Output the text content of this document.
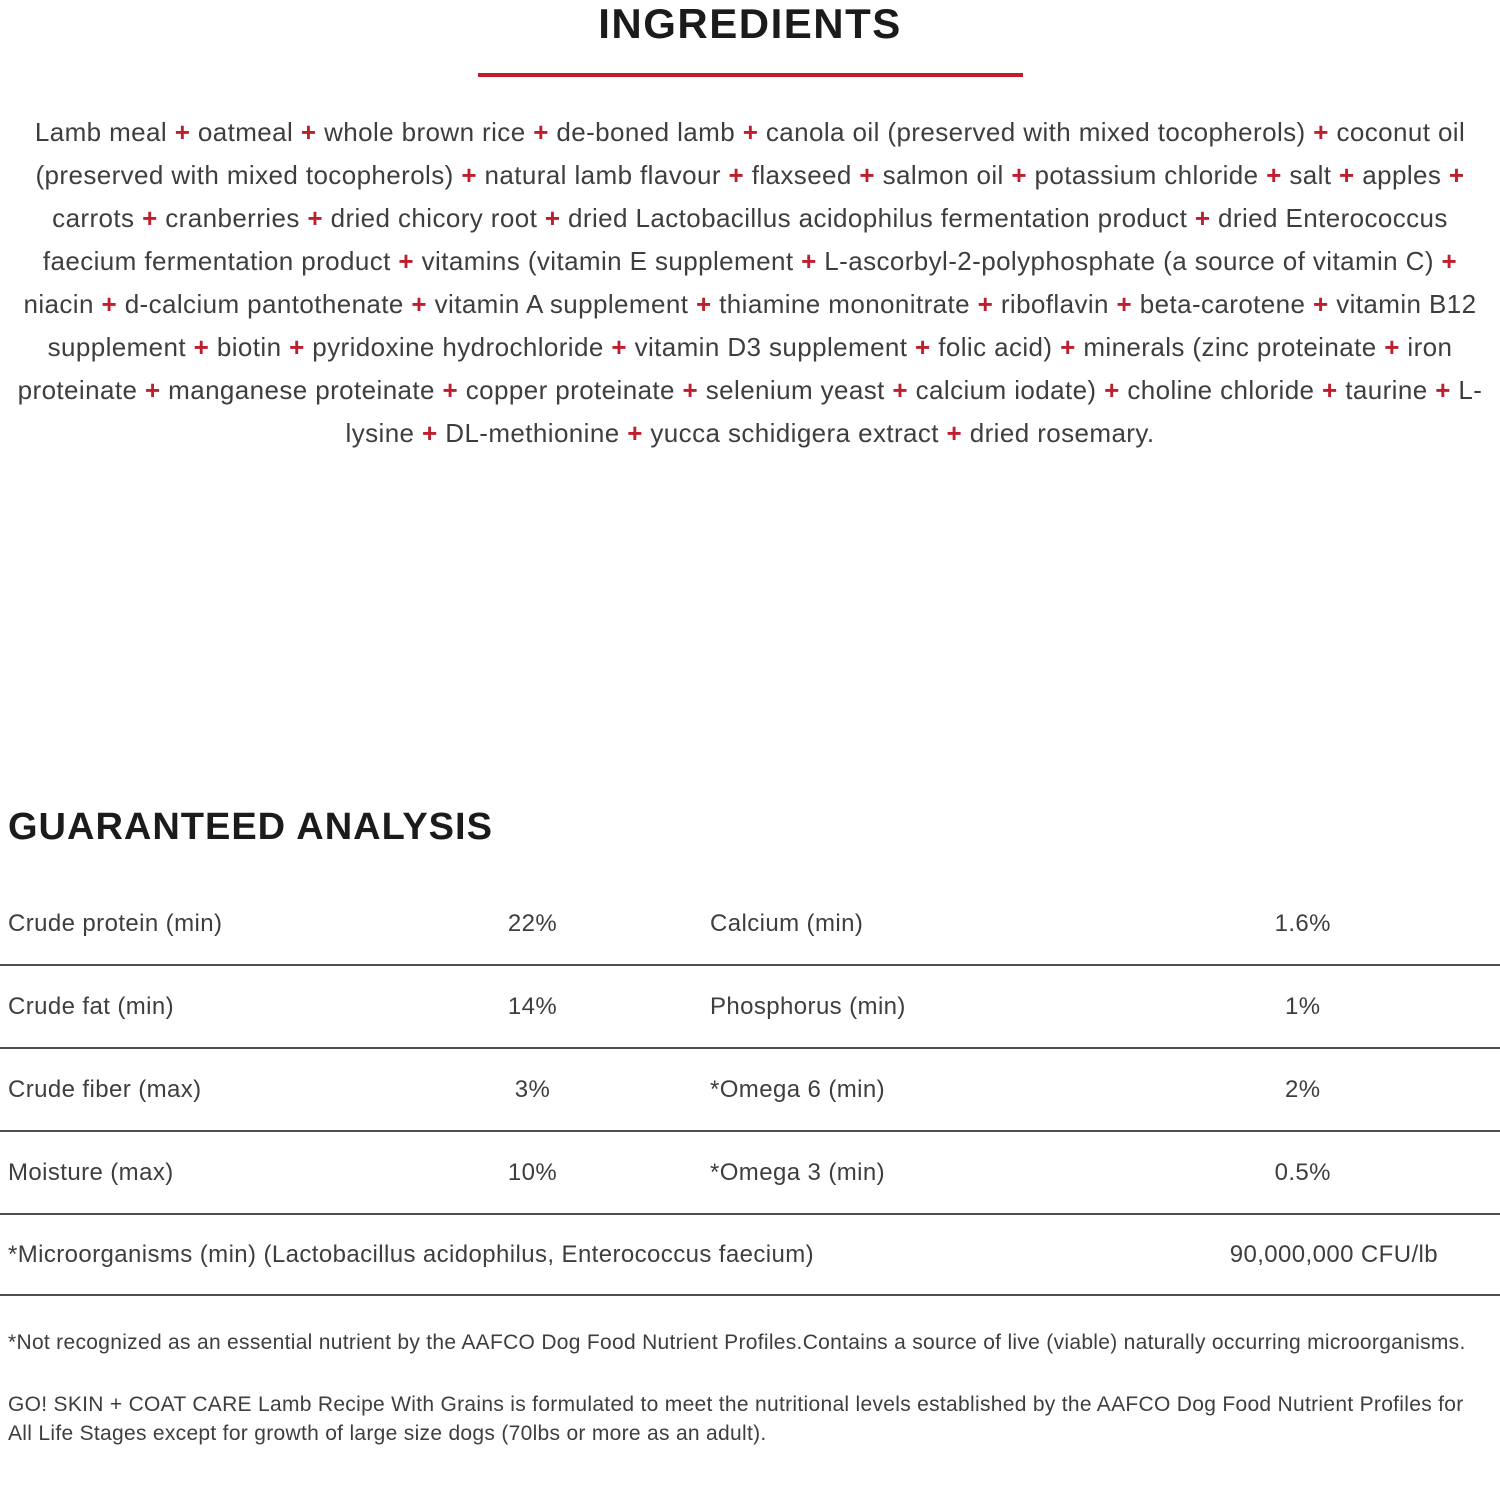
INGREDIENTS

Lamb meal + oatmeal + whole brown rice + de-boned lamb + canola oil (preserved with mixed tocopherols) + coconut oil (preserved with mixed tocopherols) + natural lamb flavour + flaxseed + salmon oil + potassium chloride + salt + apples + carrots + cranberries + dried chicory root + dried Lactobacillus acidophilus fermentation product + dried Enterococcus faecium fermentation product + vitamins (vitamin E supplement + L-ascorbyl-2-polyphosphate (a source of vitamin C) + niacin + d-calcium pantothenate + vitamin A supplement + thiamine mononitrate + riboflavin + beta-carotene + vitamin B12 supplement + biotin + pyridoxine hydrochloride + vitamin D3 supplement + folic acid) + minerals (zinc proteinate + iron proteinate + manganese proteinate + copper proteinate + selenium yeast + calcium iodate) + choline chloride + taurine + L-lysine + DL-methionine + yucca schidigera extract + dried rosemary.

GUARANTEED ANALYSIS
Crude protein (min)	22%	Calcium (min)	1.6%
Crude fat (min)	14%	Phosphorus (min)	1%
Crude fiber (max)	3%	*Omega 6 (min)	2%
Moisture (max)	10%	*Omega 3 (min)	0.5%
*Microorganisms (min) (Lactobacillus acidophilus, Enterococcus faecium)	90,000,000 CFU/lb

*Not recognized as an essential nutrient by the AAFCO Dog Food Nutrient Profiles.Contains a source of live (viable) naturally occurring microorganisms.

GO! SKIN + COAT CARE Lamb Recipe With Grains is formulated to meet the nutritional levels established by the AAFCO Dog Food Nutrient Profiles for All Life Stages except for growth of large size dogs (70lbs or more as an adult).
